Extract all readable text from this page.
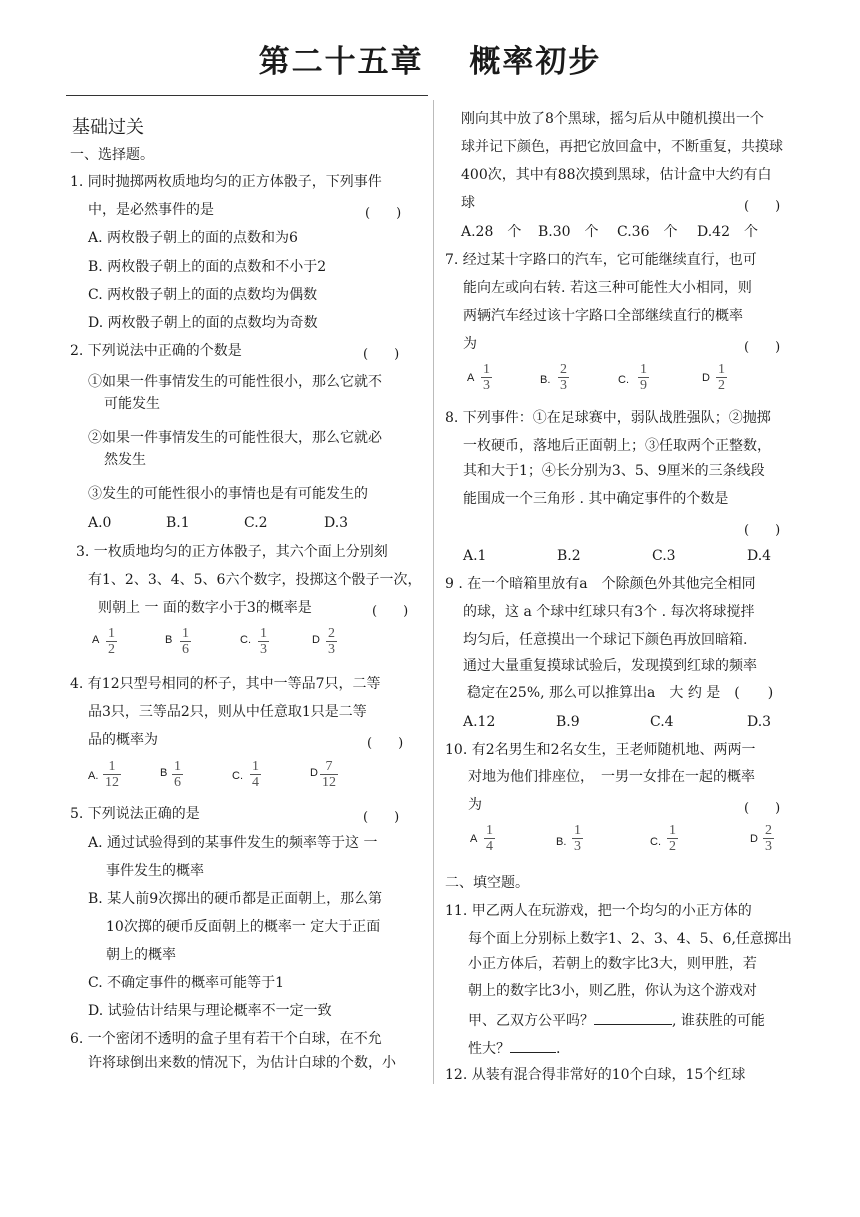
第二十五章　 概率初步
基础过关
一、选择题。
1. 同时抛掷两枚质地均匀的正方体骰子，下列事件
中，是必然事件的是	(　　)
A. 两枚骰子朝上的面的点数和为6
B. 两枚骰子朝上的面的点数和不小于2
C. 两枚骰子朝上的面的点数均为偶数
D. 两枚骰子朝上的面的点数均为奇数
2. 下列说法中正确的个数是	(　　)
①如果一件事情发生的可能性很小，那么它就不
可能发生
②如果一件事情发生的可能性很大，那么它就必
然发生
③发生的可能性很小的事情也是有可能发生的
A.0	B.1	C.2	D.3
3. 一枚质地均匀的正方体骰子，其六个面上分别刻
有1、2、3、4、5、6六个数字，投掷这个骰子一次，
则朝上 一 面的数字小于3的概率是	(　　)
A $\frac{1}{2}$	B $\frac{1}{6}$	C. $\frac{1}{3}$	D $\frac{2}{3}$
4. 有12只型号相同的杯子，其中一等品7只，二等
品3只，三等品2只，则从中任意取1只是二等
品的概率为	(　　)
A. $\frac{1}{12}$	B $\frac{1}{6}$	C. $\frac{1}{4}$	D $\frac{7}{12}$
5. 下列说法正确的是	(　　)
A. 通过试验得到的某事件发生的频率等于这 一
事件发生的概率
B. 某人前9次掷出的硬币都是正面朝上，那么第
10次掷的硬币反面朝上的概率一 定大于正面
朝上的概率
C. 不确定事件的概率可能等于1
D. 试验估计结果与理论概率不一定一致
6. 一个密闭不透明的盒子里有若干个白球，在不允
许将球倒出来数的情况下，为估计白球的个数，小
刚向其中放了8个黑球，摇匀后从中随机摸出一个
球并记下颜色，再把它放回盒中，不断重复，共摸球
400次，其中有88次摸到黑球，估计盒中大约有白
球	(　　)
A.28　个 B.30　个 C.36　个 D.42　个
7. 经过某十字路口的汽车，它可能继续直行，也可
能向左或向右转. 若这三种可能性大小相同，则
两辆汽车经过该十字路口全部继续直行的概率
为	(　　)
A $\frac{1}{3}$	B. $\frac{2}{3}$	C. $\frac{1}{9}$	D $\frac{1}{2}$
8. 下列事件：①在足球赛中，弱队战胜强队；②抛掷
一枚硬币，落地后正面朝上；③任取两个正整数，
其和大于1；④长分别为3、5、9厘米的三条线段
能围成一个三角形 . 其中确定事件的个数是
(　　)
A.1	B.2	C.3	D.4
9 . 在一个暗箱里放有a　个除颜色外其他完全相同
的球，这 a 个球中红球只有3个 . 每次将球搅拌
均匀后，任意摸出一个球记下颜色再放回暗箱.
通过大量重复摸球试验后，发现摸到红球的频率
稳定在25%, 那么可以推算出a　大 约 是　(　　)
A.12	B.9	C.4	D.3
10. 有2名男生和2名女生，王老师随机地、两两一
对地为他们排座位，　一男一女排在一起的概率
为	(　　)
A $\frac{1}{4}$	B. $\frac{1}{3}$	C. $\frac{1}{2}$	D $\frac{2}{3}$
二、填空题。
11. 甲乙两人在玩游戏，把一个均匀的小正方体的
每个面上分别标上数字1、2、3、4、5、6,任意掷出
小正方体后，若朝上的数字比3大，则甲胜，若
朝上的数字比3小，则乙胜，你认为这个游戏对
甲、乙双方公平吗？	, 谁获胜的可能
性大？	.
12. 从装有混合得非常好的10个白球，15个红球
